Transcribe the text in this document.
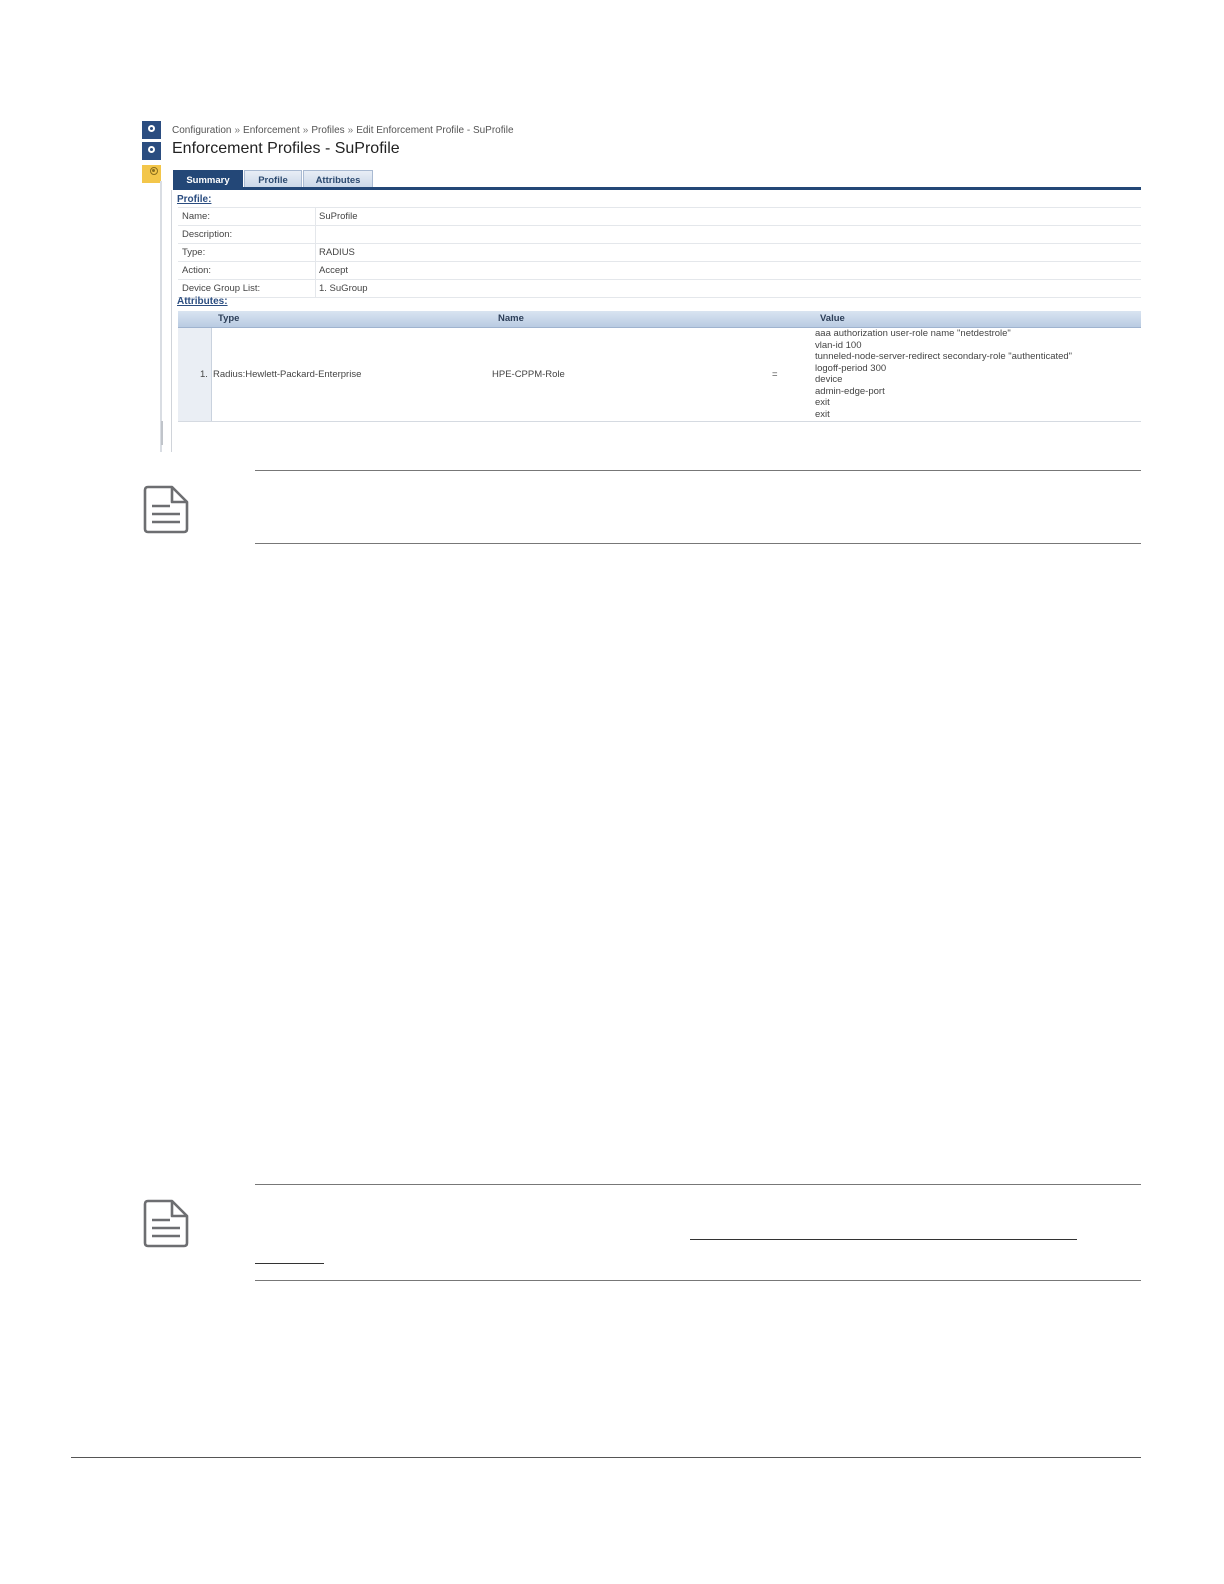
Configuration » Enforcement » Profiles » Edit Enforcement Profile - SuProfile
Enforcement Profiles - SuProfile
Summary	Profile	Attributes
Profile:
Name:	SuProfile
Description:
Type:	RADIUS
Action:	Accept
Device Group List:	1. SuGroup
Attributes:
Type	Name	Value
1. Radius:Hewlett-Packard-Enterprise	HPE-CPPM-Role	=
aaa authorization user-role name "netdestrole"
vlan-id 100
tunneled-node-server-redirect secondary-role "authenticated"
logoff-period 300
device
admin-edge-port
exit
exit
